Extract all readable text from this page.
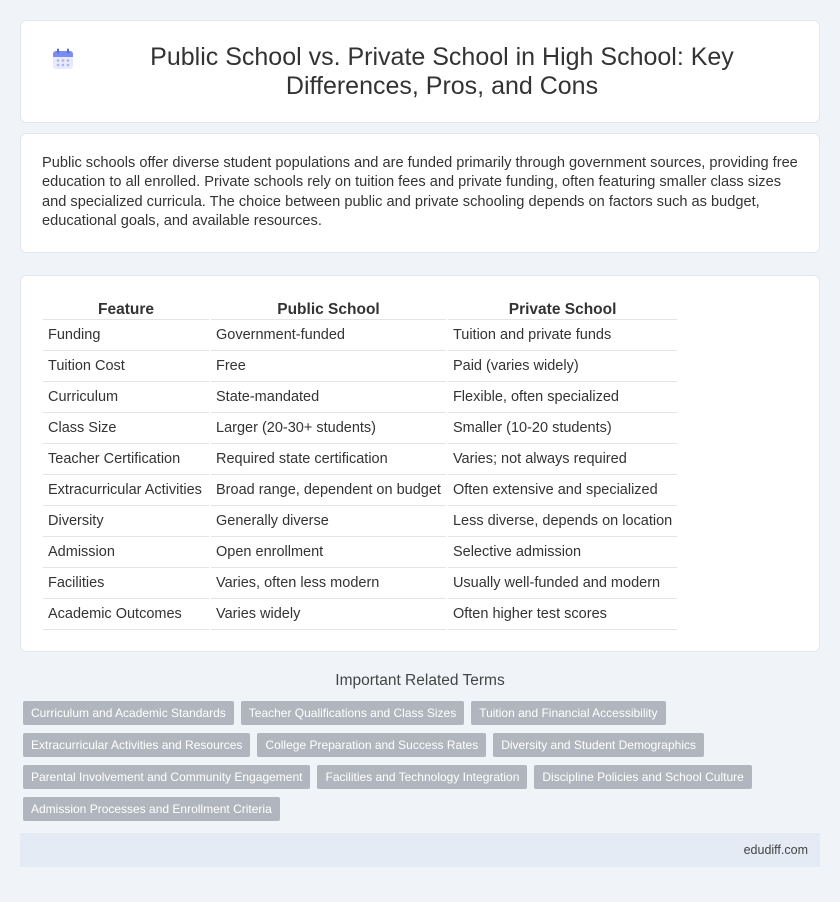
Public School vs. Private School in High School: Key Differences, Pros, and Cons

Public schools offer diverse student populations and are funded primarily through government sources, providing free education to all enrolled. Private schools rely on tuition fees and private funding, often featuring smaller class sizes and specialized curricula. The choice between public and private schooling depends on factors such as budget, educational goals, and available resources.

Feature	Public School	Private School
Funding	Government-funded	Tuition and private funds
Tuition Cost	Free	Paid (varies widely)
Curriculum	State-mandated	Flexible, often specialized
Class Size	Larger (20-30+ students)	Smaller (10-20 students)
Teacher Certification	Required state certification	Varies; not always required
Extracurricular Activities	Broad range, dependent on budget	Often extensive and specialized
Diversity	Generally diverse	Less diverse, depends on location
Admission	Open enrollment	Selective admission
Facilities	Varies, often less modern	Usually well-funded and modern
Academic Outcomes	Varies widely	Often higher test scores
Important Related Terms
Curriculum and Academic Standards	Teacher Qualifications and Class Sizes	Tuition and Financial Accessibility
Extracurricular Activities and Resources	College Preparation and Success Rates	Diversity and Student Demographics
Parental Involvement and Community Engagement	Facilities and Technology Integration	Discipline Policies and School Culture
Admission Processes and Enrollment Criteria
edudiff.com
